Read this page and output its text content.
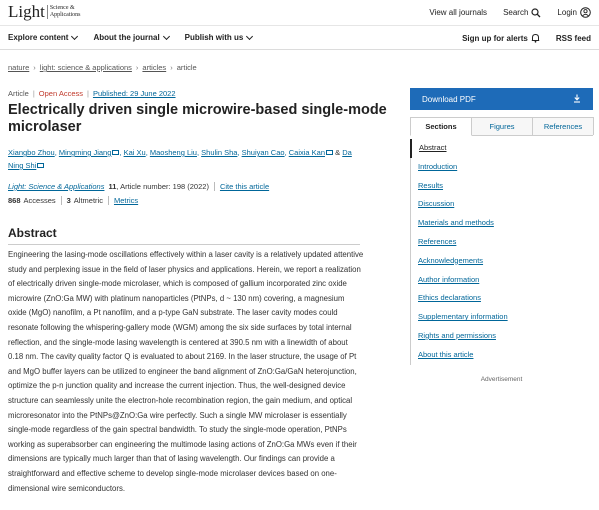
Light Science &
Applications	View all journals Search	Login
Explore content	About the journal	Publish with us	Sign up for alerts	RSS feed
nature › light: science & applications › articles › article
Article | Open Access | Published: 29 June 2022
Electrically driven single microwire-based single-mode microlaser
Xiangbo Zhou, Mingming Jiang , Kai Xu, Maosheng Liu, Shulin Sha, Shuiyan Cao, Caixia Kan & Da Ning Shi
Light: Science & Applications 11 , Article number: 198 (2022) Cite this article
868 Accesses 3 Altmetric Metrics
Abstract

Engineering the lasing-mode oscillations effectively within a laser cavity is a relatively updated attentive study and perplexing issue in the field of laser physics and applications. Herein, we report a realization of electrically driven single-mode microlaser, which is composed of gallium incorporated zinc oxide microwire (ZnO:Ga MW) with platinum nanoparticles (PtNPs, d ~ 130 nm) covering, a magnesium oxide (MgO) nanofilm, a Pt nanofilm, and a p-type GaN substrate. The laser cavity modes could resonate following the whispering-gallery mode (WGM) among the six side surfaces by total internal reflection, and the single-mode lasing wavelength is centered at 390.5 nm with a linewidth of about 0.18 nm. The cavity quality factor Q is evaluated to about 2169. In the laser structure, the usage of Pt and MgO buffer layers can be utilized to engineer the band alignment of ZnO:Ga/GaN heterojunction, optimize the p-n junction quality and increase the current injection. Thus, the well-designed device structure can seamlessly unite the electron-hole recombination region, the gain medium, and optical microresonator into the PtNPs@ZnO:Ga wire perfectly. Such a single MW microlaser is essentially single-mode regardless of the gain spectral bandwidth. To study the single-mode operation, PtNPs working as superabsorber can engineering the multimode lasing actions of ZnO:Ga MWs even if their dimensions are typically much larger than that of lasing wavelength. Our findings can provide a straightforward and effective scheme to develop single-mode microlaser devices based on one-dimensional wire semiconductors.

Download PDF
Sections	Figures	References
Abstract
Introduction
Results
Discussion
Materials and methods
References
Acknowledgements
Author information
Ethics declarations
Supplementary information
Rights and permissions
About this article
Advertisement
